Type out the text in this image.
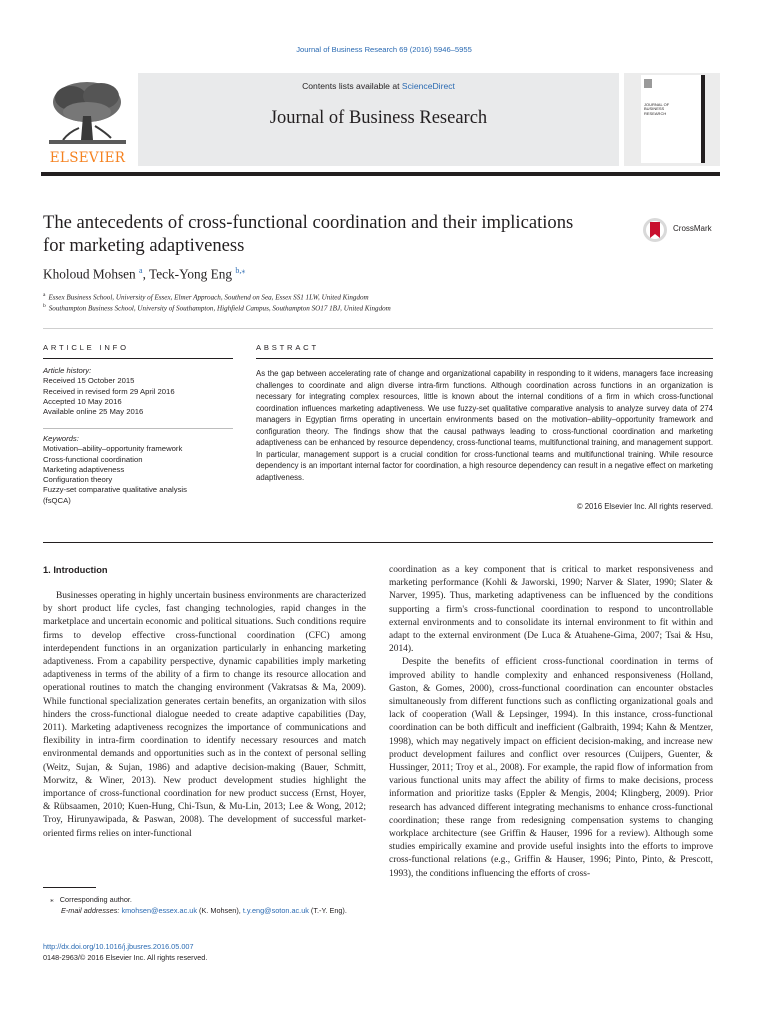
Journal of Business Research 69 (2016) 5946–5955
ELSEVIER
Contents lists available at ScienceDirect
Journal of Business Research
JOURNAL OF
BUSINESS
RESEARCH
The antecedents of cross-functional coordination and their implications
for marketing adaptiveness
CrossMark
Kholoud Mohsen $^a$, Teck-Yong Eng $^{b,⁎}$
$^a$ Essex Business School, University of Essex, Elmer Approach, Southend on Sea, Essex SS1 1LW, United Kingdom
$^b$ Southampton Business School, University of Southampton, Highfield Campus, Southampton SO17 1BJ, United Kingdom
ARTICLE INFO	ABSTRACT
Article history:
Received 15 October 2015
Received in revised form 29 April 2016
Accepted 10 May 2016
Available online 25 May 2016
Keywords:
Motivation–ability–opportunity framework
Cross-functional coordination
Marketing adaptiveness
Configuration theory
Fuzzy-set comparative qualitative analysis
(fsQCA)
As the gap between accelerating rate of change and organizational capability in responding to it widens, managers face increasing challenges to coordinate and align diverse intra-firm functions. Although coordination across functions in an organization is necessary for integrating complex resources, little is known about the internal conditions of a firm in which cross-functional coordination influences marketing adaptiveness. We use fuzzy-set qualitative comparative analysis to analyze survey data of 274 managers in Egyptian firms operating in uncertain environments based on the motivation–ability–opportunity framework and configuration theory. The findings show that the causal pathways leading to cross-functional coordination and marketing adaptiveness can be enhanced by resource dependency, cross-functional teams, multifunctional training, and management support. In particular, management support is a crucial condition for cross-functional teams and multifunctional training. While resource dependency is an important internal factor for coordination, a high resource dependency can result in a negative effect on marketing adaptiveness.
© 2016 Elsevier Inc. All rights reserved.
1. Introduction

Businesses operating in highly uncertain business environments are characterized by short product life cycles, fast changing technologies, rapid changes in the marketplace and uncertain economic and political situations. Such conditions require firms to develop effective cross-functional coordination (CFC) among interdependent functions in an organization particularly in enhancing marketing adaptiveness. From a capability perspective, dynamic capabilities imply marketing adaptiveness in terms of the ability of a firm to change its resource allocation and operational routines to match the changing environment (Vakratsas & Ma, 2009). While functional specialization generates certain benefits, an organization with silos hinders the cross-functional dialogue needed to create adaptive capabilities (Day, 2011). Marketing adaptiveness recognizes the importance of communications and flexibility in intra-firm coordination to identify necessary resources and match environmental demands and opportunities such as in the context of personal selling (Weitz, Sujan, & Sujan, 1986) and adaptive decision-making (Bauer, Schmitt, Morwitz, & Winer, 2013). New product development studies highlight the importance of cross-functional coordination for new product success (Ernst, Hoyer, & Rübsaamen, 2010; Kuen-Hung, Chi-Tsun, & Mu-Lin, 2013; Lee & Wong, 2012; Troy, Hirunyawipada, & Paswan, 2008). The development of successful market-oriented firms relies on inter-functional

coordination as a key component that is critical to market responsiveness and marketing performance (Kohli & Jaworski, 1990; Narver & Slater, 1990; Slater & Narver, 1995). Thus, marketing adaptiveness can be influenced by the conditions supporting a firm's cross-functional coordination to respond to uncontrollable external environments and to consolidate its internal environment to fit within and adapt to the external environment (De Luca & Atuahene-Gima, 2007; Tsai & Hsu, 2014).

Despite the benefits of efficient cross-functional coordination in terms of improved ability to handle complexity and enhanced responsiveness (Holland, Gaston, & Gomes, 2000), cross-functional coordination can encounter obstacles simultaneously from different functions such as conflicting organizational goals and lack of cooperation (Wall & Lepsinger, 1994). In this instance, cross-functional coordination can be both difficult and inefficient (Galbraith, 1994; Kahn & Mentzer, 1998), which may negatively impact on efficient decision-making, and increase new product development failures and conflict over resources (Cuijpers, Guenter, & Hussinger, 2011; Troy et al., 2008). For example, the rapid flow of information from various functional units may affect the ability of firms to make decisions, process information and prioritize tasks (Eppler & Mengis, 2004; Klingberg, 2009). Prior research has advanced different integrating mechanisms to enhance cross-functional coordination; these range from redesigning compensation systems to changing workplace architecture (see Griffin & Hauser, 1996 for a review). Although some studies empirically examine and provide useful insights into the efforts to improve cross-functional relations (e.g., Griffin & Hauser, 1996; Pinto, Pinto, & Prescott, 1993), the conditions influencing the efforts of cross-

⁎ Corresponding author.
E-mail addresses: kmohsen@essex.ac.uk (K. Mohsen), t.y.eng@soton.ac.uk (T.-Y. Eng).
http://dx.doi.org/10.1016/j.jbusres.2016.05.007
0148-2963/© 2016 Elsevier Inc. All rights reserved.
